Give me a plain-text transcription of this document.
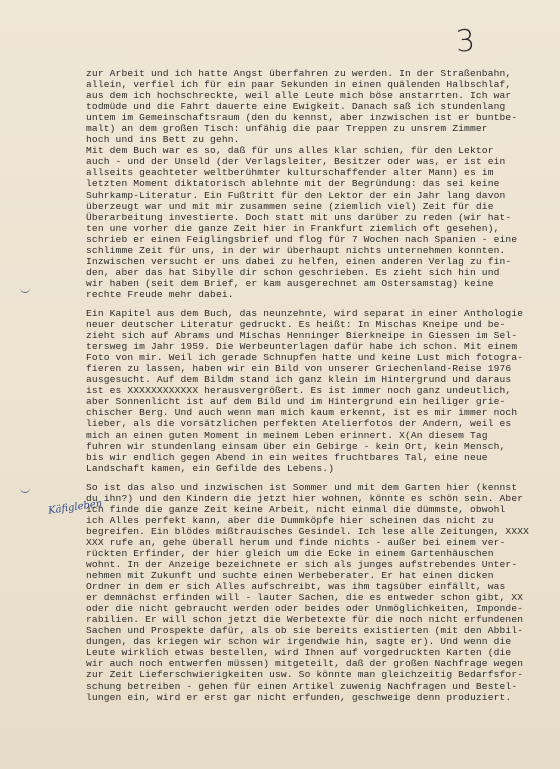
3
Käfigleben
zur Arbeit und ich hatte Angst überfahren zu werden. In der Straßenbahn,
allein, verfiel ich für ein paar Sekunden in einen quälenden Halbschlaf,
aus dem ich hochschreckte, weil alle Leute mich böse anstarrten. Ich war
todmüde und die Fahrt dauerte eine Ewigkeit. Danach saß ich stundenlang
untem im Gemeinschaftsraum (den du kennst, aber inzwischen ist er buntbe-
malt) an dem großen Tisch: unfähig die paar Treppen zu unsrem Zimmer
hoch und ins Bett zu gehn.
Mit dem Buch war es so, daß für uns alles klar schien, für den Lektor
auch - und der Unseld (der Verlagsleiter, Besitzer oder was, er ist ein
allseits geachteter weltberühmter kulturschaffender alter Mann) es im
letzten Moment diktatorisch ablehnte mit der Begründung: das sei keine
Suhrkamp-Literatur. Ein Fußtritt für den Lektor der ein Jahr lang davon
überzeugt war und mit mir zusammen seine (ziemlich viel) Zeit für die
Überarbeitung investierte. Doch statt mit uns darüber zu reden (wir hat-
ten une vorher die ganze Zeit hier in Frankfurt ziemlich oft gesehen),
schrieb er einen Feiglingsbrief und flog für 7 Wochen nach Spanien - eine
schlimme Zeit für uns, in der wir überhaupt nichts unternehmen konnten.
Inzwischen versucht er uns dabei zu helfen, einen anderen Verlag zu fin-
den, aber das hat Sibylle dir schon geschrieben. Es zieht sich hin und
wir haben (seit dem Brief, er kam ausgerechnet am Ostersamstag) keine
rechte Freude mehr dabei.
Ein Kapitel aus dem Buch, das neunzehnte, wird separat in einer Anthologie
neuer deutscher Literatur gedruckt. Es heißt: In Mischas Kneipe und be-
zieht sich auf Abrams und Mischas Henninger Bierkneipe in Giessen im Sel-
tersweg im Jahr 1959. Die Werbeunterlagen dafür habe ich schon. Mit einem
Foto von mir. Weil ich gerade Schnupfen hatte und keine Lust mich fotogra-
fieren zu lassen, haben wir ein Bild von unserer Griechenland-Reise 1976
ausgesucht. Auf dem Bildm stand ich ganz klein im Hintergrund und daraus
ist es XXXXXXXXXXXX herausvergrößert. Es ist immer noch ganz undeutlich,
aber Sonnenlicht ist auf dem Bild und im Hintergrund ein heiliger grie-
chischer Berg. Und auch wenn man mich kaum erkennt, ist es mir immer noch
lieber, als die vorsätzlichen perfekten Atelierfotos der Andern, weil es
mich an einen guten Moment in meinem Leben erinnert. X(An diesem Tag
fuhren wir stundenlang einsam über ein Gebirge - kein Ort, kein Mensch,
bis wir endlich gegen Abend in ein weites fruchtbares Tal, eine neue
Landschaft kamen, ein Gefilde des Lebens.)
So ist das also und inzwischen ist Sommer und mit dem Garten hier (kennst
du ihn?) und den Kindern die jetzt hier wohnen, könnte es schön sein. Aber
ich finde die ganze Zeit keine Arbeit, nicht einmal die dümmste, obwohl
ich Alles perfekt kann, aber die Dummköpfe hier scheinen das nicht zu
begreifen. Ein blödes mißtrauisches Gesindel. Ich lese alle Zeitungen, XXXX
XXX rufe an, gehe überall herum und finde nichts - außer bei einem ver-
rückten Erfinder, der hier gleich um die Ecke in einem Gartenhäuschen
wohnt. In der Anzeige bezeichnete er sich als junges aufstrebendes Unter-
nehmen mit Zukunft und suchte einen Werbeberater. Er hat einen dicken
Ordner in dem er sich Alles aufschreibt, was ihm tagsüber einfällt, was
er demnächst erfinden will - lauter Sachen, die es entweder schon gibt, XX
oder die nicht gebraucht werden oder beides oder Unmöglichkeiten, Imponde-
rabilien. Er will schon jetzt die Werbetexte für die noch nicht erfundenen
Sachen und Prospekte dafür, als ob sie bereits existierten (mit den Abbil-
dungen, das kriegen wir schon wir irgendwie hin, sagte er). Und wenn die
Leute wirklich etwas bestellen, wird Ihnen auf vorgedruckten Karten (die
wir auch noch entwerfen müssen) mitgeteilt, daß der großen Nachfrage wegen
zur Zeit Lieferschwierigkeiten usw. So könnte man gleichzeitig Bedarfsfor-
schung betreiben - gehen für einen Artikel zuwenig Nachfragen und Bestel-
lungen ein, wird er erst gar nicht erfunden, geschweige denn produziert.
